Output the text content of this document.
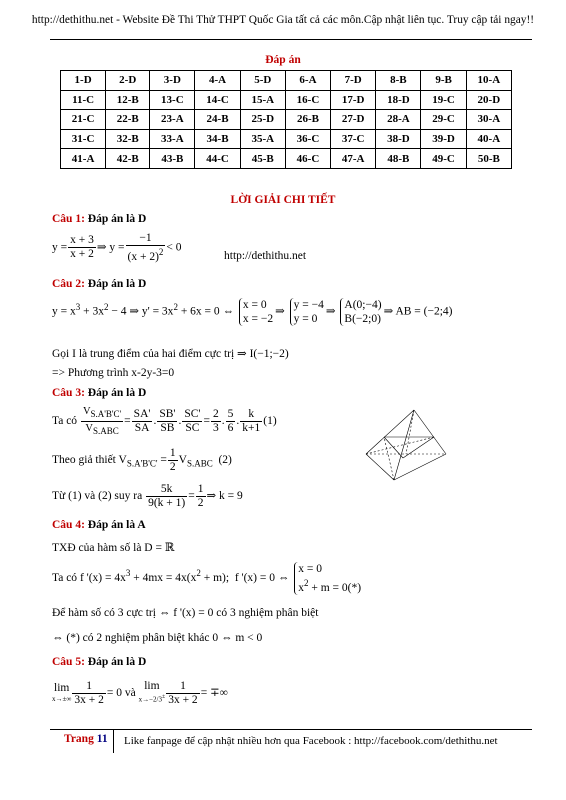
http://dethithu.net - Website Đề Thi Thử THPT Quốc Gia tất cả các môn.Cập nhật liên tục. Truy cập tải ngay!!
Đáp án
1-D	2-D	3-D	4-A	5-D	6-A	7-D	8-B	9-B	10-A
11-C	12-B	13-C	14-C	15-A	16-C	17-D	18-D	19-C	20-D
21-C	22-B	23-A	24-B	25-D	26-B	27-D	28-A	29-C	30-A
31-C	32-B	33-A	34-B	35-A	36-C	37-C	38-D	39-D	40-A
41-A	42-B	43-B	44-C	45-B	46-C	47-A	48-B	49-C	50-B
LỜI GIẢI CHI TIẾT
Câu 1: Đáp án là D
$y = \frac{x + 3}{x + 2}$ ⇒ $y = \frac{-1}{(x + 2)^2} < 0$
http://dethithu.net
Câu 2: Đáp án là D
$y = x^3 + 3x^2 - 4$ ⇒ $y' = 3x^2 + 6x = 0$ ⇔ x = 0
x = −2⇒ y = −4
y = 0⇒ A(0;−4)
B(−2;0)⇒ AB = (−2;4)
Gọi I là trung điểm của hai điểm cực trị ⇒ I(−1;−2)
=> Phương trình x-2y-3=0
Câu 3: Đáp án là D
Ta có $\frac{V_{S.A'B'C'}}{V_{S.ABC}} = \frac{SA'}{SA}$ . $\frac{SB'}{SB}$ . $\frac{SC'}{SC} = \frac{2}{3}$ . $\frac{5}{6}$ . $\frac{k}{k+1} (1)$
Theo giả thiết $V_{S.A'B'C'} = \frac{1}{2} V_{S.ABC}$  (2)
Từ (1) và (2) suy ra $\frac{5k}{9(k + 1)} = \frac{1}{2}$ ⇒ k = 9
Câu 4: Đáp án là A
TXĐ của hàm số là D = ℝ
Ta có f '$(x) = 4x^3 + 4mx = 4x(x^2 + m)$;  f '(x) = 0 ⇔ x = 0
$x^2 + m = 0(*)$
Để hàm số có 3 cực trị ⇔ f '(x) = 0 có 3 nghiệm phân biệt
⇔ (*) có 2 nghiệm phân biệt khác 0 ⇔ m < 0
Câu 5: Đáp án là D
lim
$x\to\pm\infty \frac{1}{3x + 2} = 0$ và lim
$x\to-2/3^\pm \frac{1}{3x + 2}$ = ∓∞
Trang 11 Like fanpage để cập nhật nhiều hơn qua Facebook : http://facebook.com/dethithu.net
